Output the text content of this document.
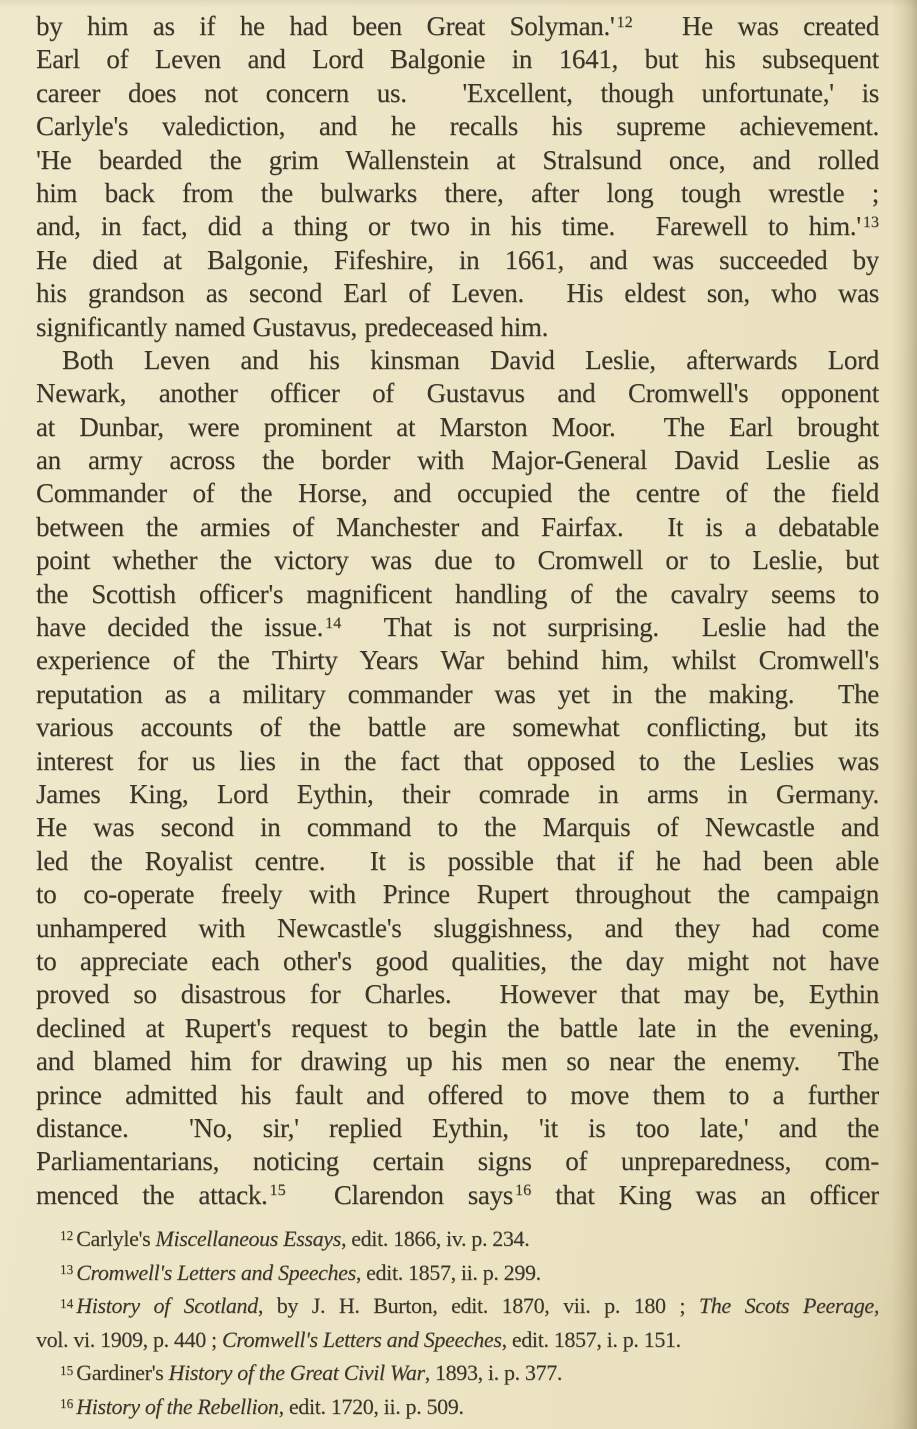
by him as if he had been Great Solyman.' $^{12}$  He was created
Earl of Leven and Lord Balgonie in 1641, but his subsequent
career does not concern us.  'Excellent, though unfortunate,' is
Carlyle's valediction, and he recalls his supreme achievement.
'He bearded the grim Wallenstein at Stralsund once, and rolled
him back from the bulwarks there, after long tough wrestle ;
and, in fact, did a thing or two in his time.  Farewell to him.' $^{13}$
He died at Balgonie, Fifeshire, in 1661, and was succeeded by
his grandson as second Earl of Leven.  His eldest son, who was
significantly named Gustavus, predeceased him.
Both Leven and his kinsman David Leslie, afterwards Lord
Newark, another officer of Gustavus and Cromwell's opponent
at Dunbar, were prominent at Marston Moor.  The Earl brought
an army across the border with Major-General David Leslie as
Commander of the Horse, and occupied the centre of the field
between the armies of Manchester and Fairfax.  It is a debatable
point whether the victory was due to Cromwell or to Leslie, but
the Scottish officer's magnificent handling of the cavalry seems to
have decided the issue. $^{14}$  That is not surprising.  Leslie had the
experience of the Thirty Years War behind him, whilst Cromwell's
reputation as a military commander was yet in the making.  The
various accounts of the battle are somewhat conflicting, but its
interest for us lies in the fact that opposed to the Leslies was
James King, Lord Eythin, their comrade in arms in Germany.
He was second in command to the Marquis of Newcastle and
led the Royalist centre.  It is possible that if he had been able
to co-operate freely with Prince Rupert throughout the campaign
unhampered with Newcastle's sluggishness, and they had come
to appreciate each other's good qualities, the day might not have
proved so disastrous for Charles.  However that may be, Eythin
declined at Rupert's request to begin the battle late in the evening,
and blamed him for drawing up his men so near the enemy.  The
prince admitted his fault and offered to move them to a further
distance.  'No, sir,' replied Eythin, 'it is too late,' and the
Parliamentarians, noticing certain signs of unpreparedness, com-
menced the attack. $^{15}$  Clarendon says $^{16}$ that King was an officer
$^{12}$ Carlyle's Miscellaneous Essays, edit. 1866, iv. p. 234.
$^{13}$ Cromwell's Letters and Speeches, edit. 1857, ii. p. 299.
$^{14}$ History of Scotland, by J. H. Burton, edit. 1870, vii. p. 180 ; The Scots Peerage,
vol. vi. 1909, p. 440 ; Cromwell's Letters and Speeches, edit. 1857, i. p. 151.
$^{15}$ Gardiner's History of the Great Civil War, 1893, i. p. 377.
$^{16}$ History of the Rebellion, edit. 1720, ii. p. 509.
